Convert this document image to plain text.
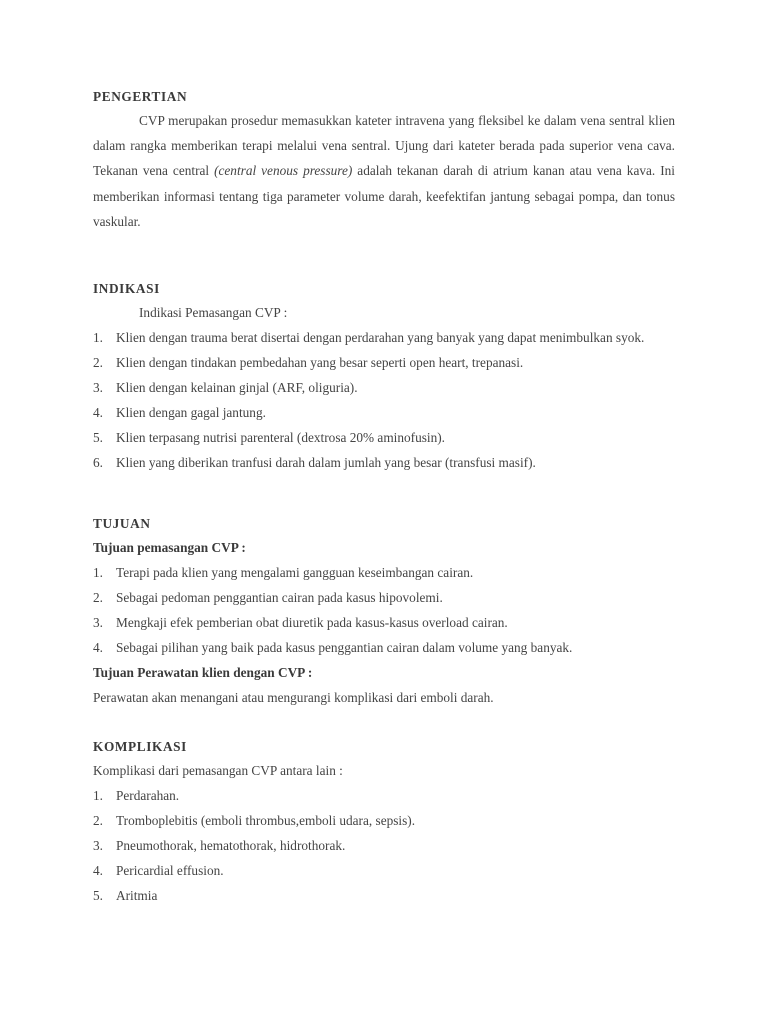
PENGERTIAN

CVP merupakan prosedur memasukkan kateter intravena yang fleksibel ke dalam vena sentral klien dalam rangka memberikan terapi melalui vena sentral. Ujung dari kateter berada pada superior vena cava. Tekanan vena central (central venous pressure) adalah tekanan darah di atrium kanan atau vena kava. Ini memberikan informasi tentang tiga parameter volume darah, keefektifan jantung sebagai pompa, dan tonus vaskular.

INDIKASI
Indikasi Pemasangan CVP :
1. Klien dengan trauma berat disertai dengan perdarahan yang banyak yang dapat menimbulkan syok.
2. Klien dengan tindakan pembedahan yang besar seperti open heart, trepanasi.
3. Klien dengan kelainan ginjal (ARF, oliguria).
4. Klien dengan gagal jantung.
5. Klien terpasang nutrisi parenteral (dextrosa 20% aminofusin).
6. Klien yang diberikan tranfusi darah dalam jumlah yang besar (transfusi masif).
TUJUAN
Tujuan pemasangan CVP :
1. Terapi pada klien yang mengalami gangguan keseimbangan cairan.
2. Sebagai pedoman penggantian cairan pada kasus hipovolemi.
3. Mengkaji efek pemberian obat diuretik pada kasus-kasus overload cairan.
4. Sebagai pilihan yang baik pada kasus penggantian cairan dalam volume yang banyak.
Tujuan Perawatan klien dengan CVP :
Perawatan akan menangani atau mengurangi komplikasi dari emboli darah.
KOMPLIKASI
Komplikasi dari pemasangan CVP antara lain :
1. Perdarahan.
2. Tromboplebitis (emboli thrombus,emboli udara, sepsis).
3. Pneumothorak, hematothorak, hidrothorak.
4. Pericardial effusion.
5. Aritmia
